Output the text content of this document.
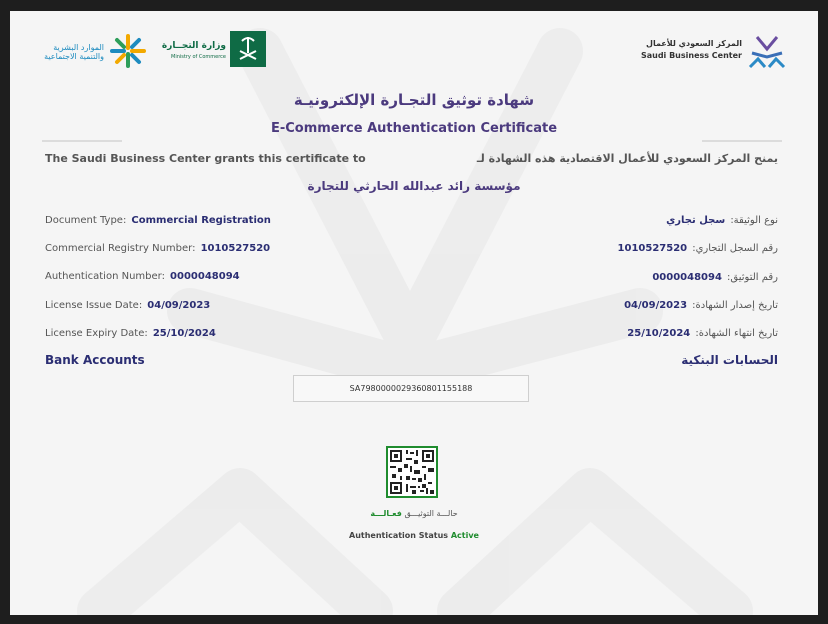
المركز السعودي للأعمال
Saudi Business Center
وزارة التجــارة
Ministry of Commerce
الموارد البشرية
والتنمية الاجتماعية
شهادة توثيق التجـارة الإلكترونيـة
E-Commerce Authentication Certificate
The Saudi Business Center grants this certificate to	يمنح المركز السعودي للأعمال الاقتصادية هذه الشهادة لـ
مؤسسة رائد عبدالله الحارثي للتجارة
Document Type: Commercial Registration
Commercial Registry Number: 1010527520
Authentication Number: 0000048094
License Issue Date: 04/09/2023
License Expiry Date: 25/10/2024
نوع الوثيقة: سجل تجاري
رقم السجل التجاري: 1010527520
رقم التوثيق: 0000048094
تاريخ إصدار الشهادة: 04/09/2023
تاريخ انتهاء الشهادة: 25/10/2024
Bank Accounts	الحسابات البنكية
SA7980000029360801155188
حالـــة التوثيـــق فعـالـــة
Authentication Status Active
